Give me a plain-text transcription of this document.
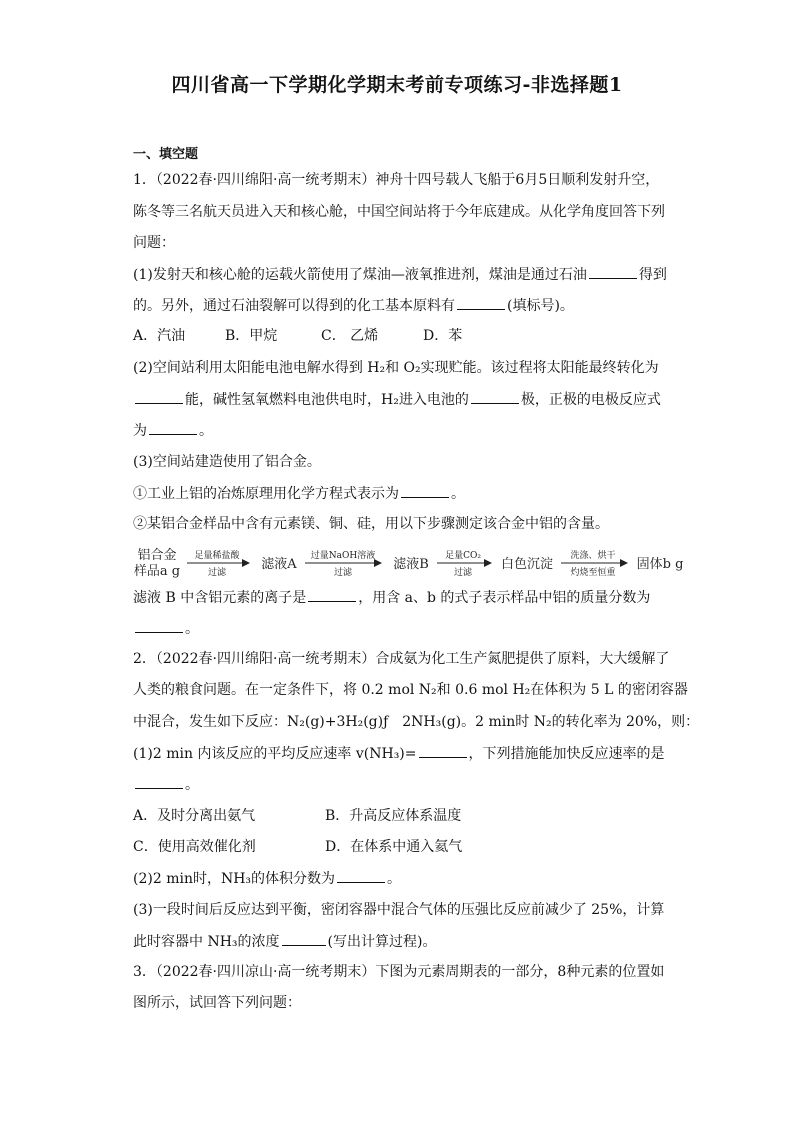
四川省高一下学期化学期末考前专项练习-非选择题1
一、填空题
1．（2022春·四川绵阳·高一统考期末）神舟十四号载人飞船于6月5日顺利发射升空，
陈冬等三名航天员进入天和核心舱，中国空间站将于今年底建成。从化学角度回答下列
问题：
(1)发射天和核心舱的运载火箭使用了煤油—液氧推进剂，煤油是通过石油	得到
的。另外，通过石油裂解可以得到的化工基本原料有	(填标号)。
A．汽油	B．甲烷	C． 乙烯	D．苯
(2)空间站利用太阳能电池电解水得到 H₂和 O₂实现贮能。该过程将太阳能最终转化为
能，碱性氢氧燃料电池供电时，H₂进入电池的	极，正极的电极反应式
为	。
(3)空间站建造使用了铝合金。
①工业上铝的冶炼原理用化学方程式表示为	。
②某铝合金样品中含有元素镁、铜、硅，用以下步骤测定该合金中铝的含量。
铝合金
样品a g
足量稀盐酸
过滤
滤液A
过量NaOH溶液
过滤
滤液B
足量CO₂
过滤
白色沉淀
洗涤、烘干
灼烧至恒重
固体b g
滤液 B 中含铝元素的离子是	，用含 a、b 的式子表示样品中铝的质量分数为
。
2．（2022春·四川绵阳·高一统考期末）合成氨为化工生产氮肥提供了原料，大大缓解了
人类的粮食问题。在一定条件下，将 0.2 mol N₂和 0.6 mol H₂在体积为 5 L 的密闭容器
中混合，发生如下反应：N₂(g)+3H₂(g)ƒ　2NH₃(g)。2 min时 N₂的转化率为 20%，则：
(1)2 min 内该反应的平均反应速率 v(NH₃)=	，下列措施能加快反应速率的是
。
A．及时分离出氨气	B．升高反应体系温度
C．使用高效催化剂	D．在体系中通入氦气
(2)2 min时，NH₃的体积分数为	。
(3)一段时间后反应达到平衡，密闭容器中混合气体的压强比反应前减少了 25%，计算
此时容器中 NH₃的浓度	(写出计算过程)。
3．（2022春·四川凉山·高一统考期末）下图为元素周期表的一部分，8种元素的位置如
图所示，试回答下列问题：
